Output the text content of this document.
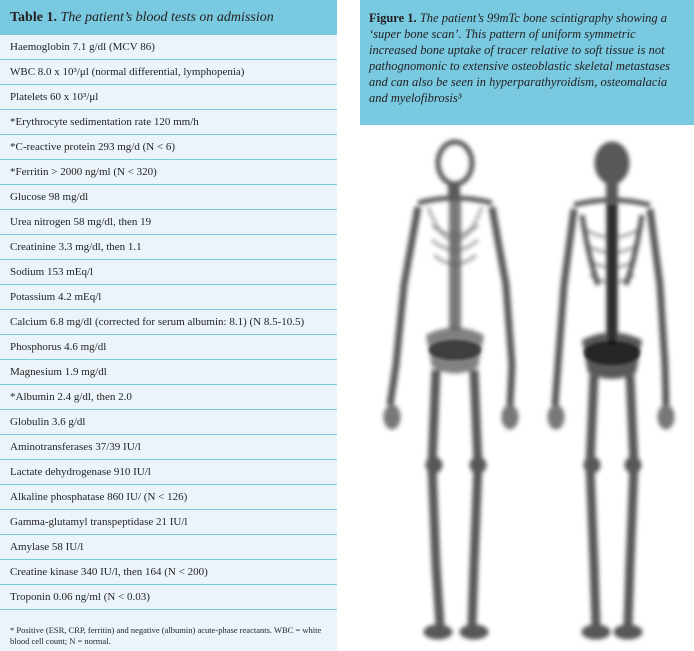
Table 1. The patient’s blood tests on admission
Haemoglobin 7.1 g/dl (MCV 86)
WBC 8.0 x 10³/μl (normal differential, lymphopenia)
Platelets 60 x 10³/μl
*Erythrocyte sedimentation rate 120 mm/h
*C-reactive protein 293 mg/d (N < 6)
*Ferritin > 2000 ng/ml (N < 320)
Glucose 98 mg/dl
Urea nitrogen 58 mg/dl, then 19
Creatinine 3.3 mg/dl, then 1.1
Sodium 153 mEq/l
Potassium 4.2 mEq/l
Calcium 6.8 mg/dl (corrected for serum albumin: 8.1) (N 8.5-10.5)
Phosphorus 4.6 mg/dl
Magnesium 1.9 mg/dl
*Albumin 2.4 g/dl, then 2.0
Globulin 3.6 g/dl
Aminotransferases 37/39 IU/l
Lactate dehydrogenase 910 IU/l
Alkaline phosphatase 860 IU/ (N < 126)
Gamma-glutamyl transpeptidase 21 IU/l
Amylase 58 IU/l
Creatine kinase 340 IU/l, then 164 (N < 200)
Troponin 0.06 ng/ml (N < 0.03)
* Positive (ESR, CRP, ferritin) and negative (albumin) acute-phase reactants. WBC = white blood cell count; N = normal.
Figure 1. The patient’s 99mTc bone scintigraphy showing a ‘super bone scan’. This pattern of uniform symmetric increased bone uptake of tracer relative to soft tissue is not pathognomonic to extensive osteoblastic skeletal metastases and can also be seen in hyperparathyroidism, osteomalacia and myelofibrosis³
